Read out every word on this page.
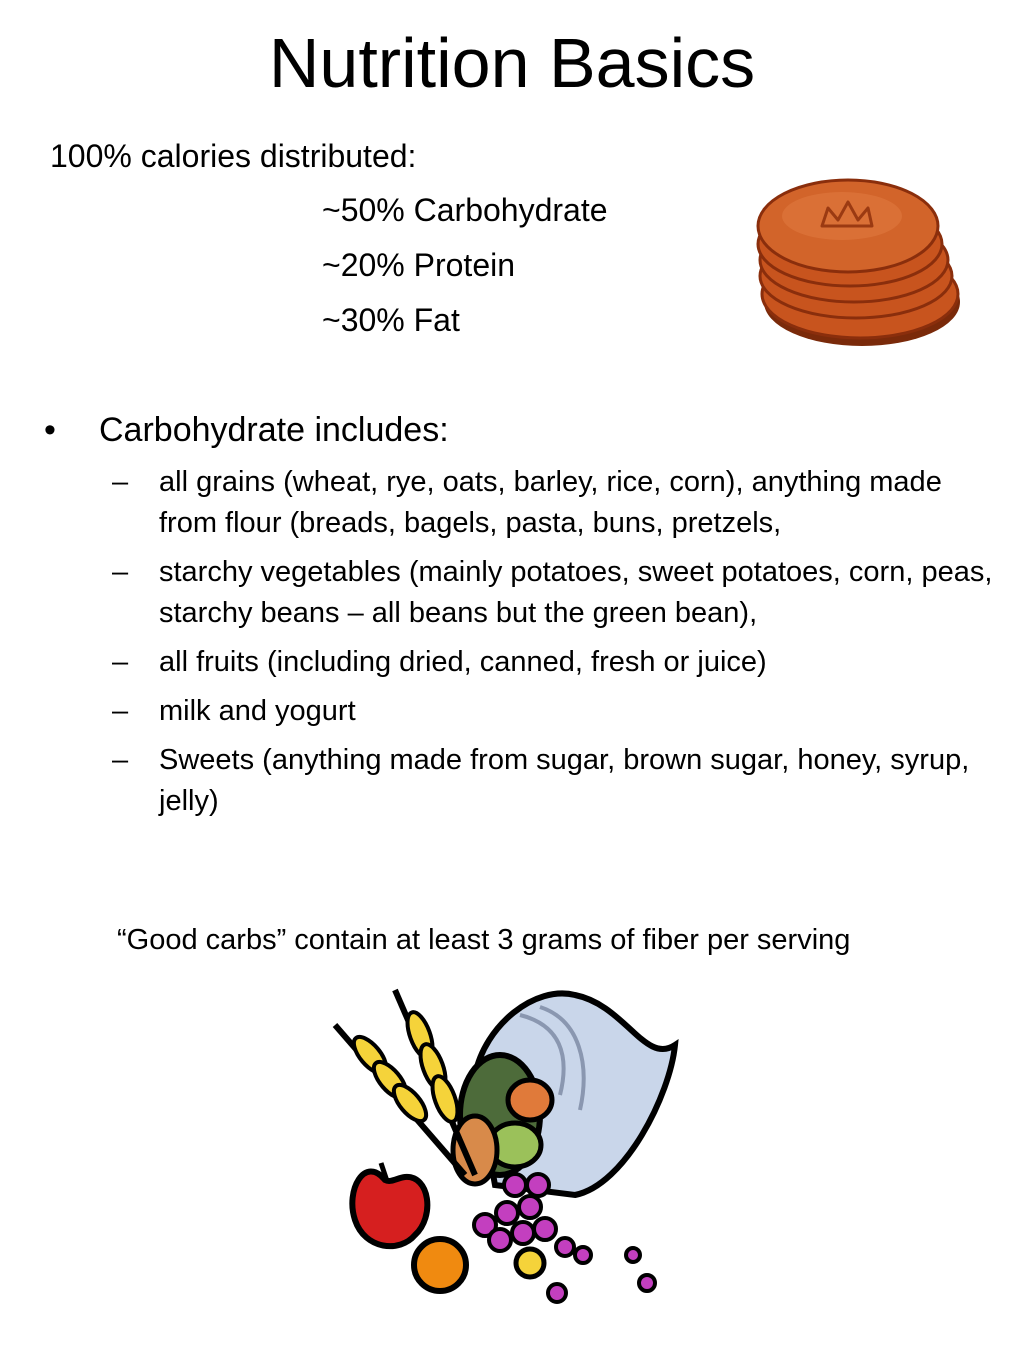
Nutrition Basics
100% calories distributed:
~50% Carbohydrate
~20% Protein
~30% Fat
• Carbohydrate includes:
–	all grains (wheat, rye, oats, barley, rice, corn), anything made from flour (breads, bagels, pasta, buns, pretzels,
–	starchy vegetables (mainly potatoes, sweet potatoes, corn, peas, starchy beans – all beans but the green bean),
–	all fruits (including dried, canned, fresh or juice)
–	milk and yogurt
–	Sweets (anything made from sugar, brown sugar, honey, syrup, jelly)
“Good carbs” contain at least 3 grams of fiber per serving
